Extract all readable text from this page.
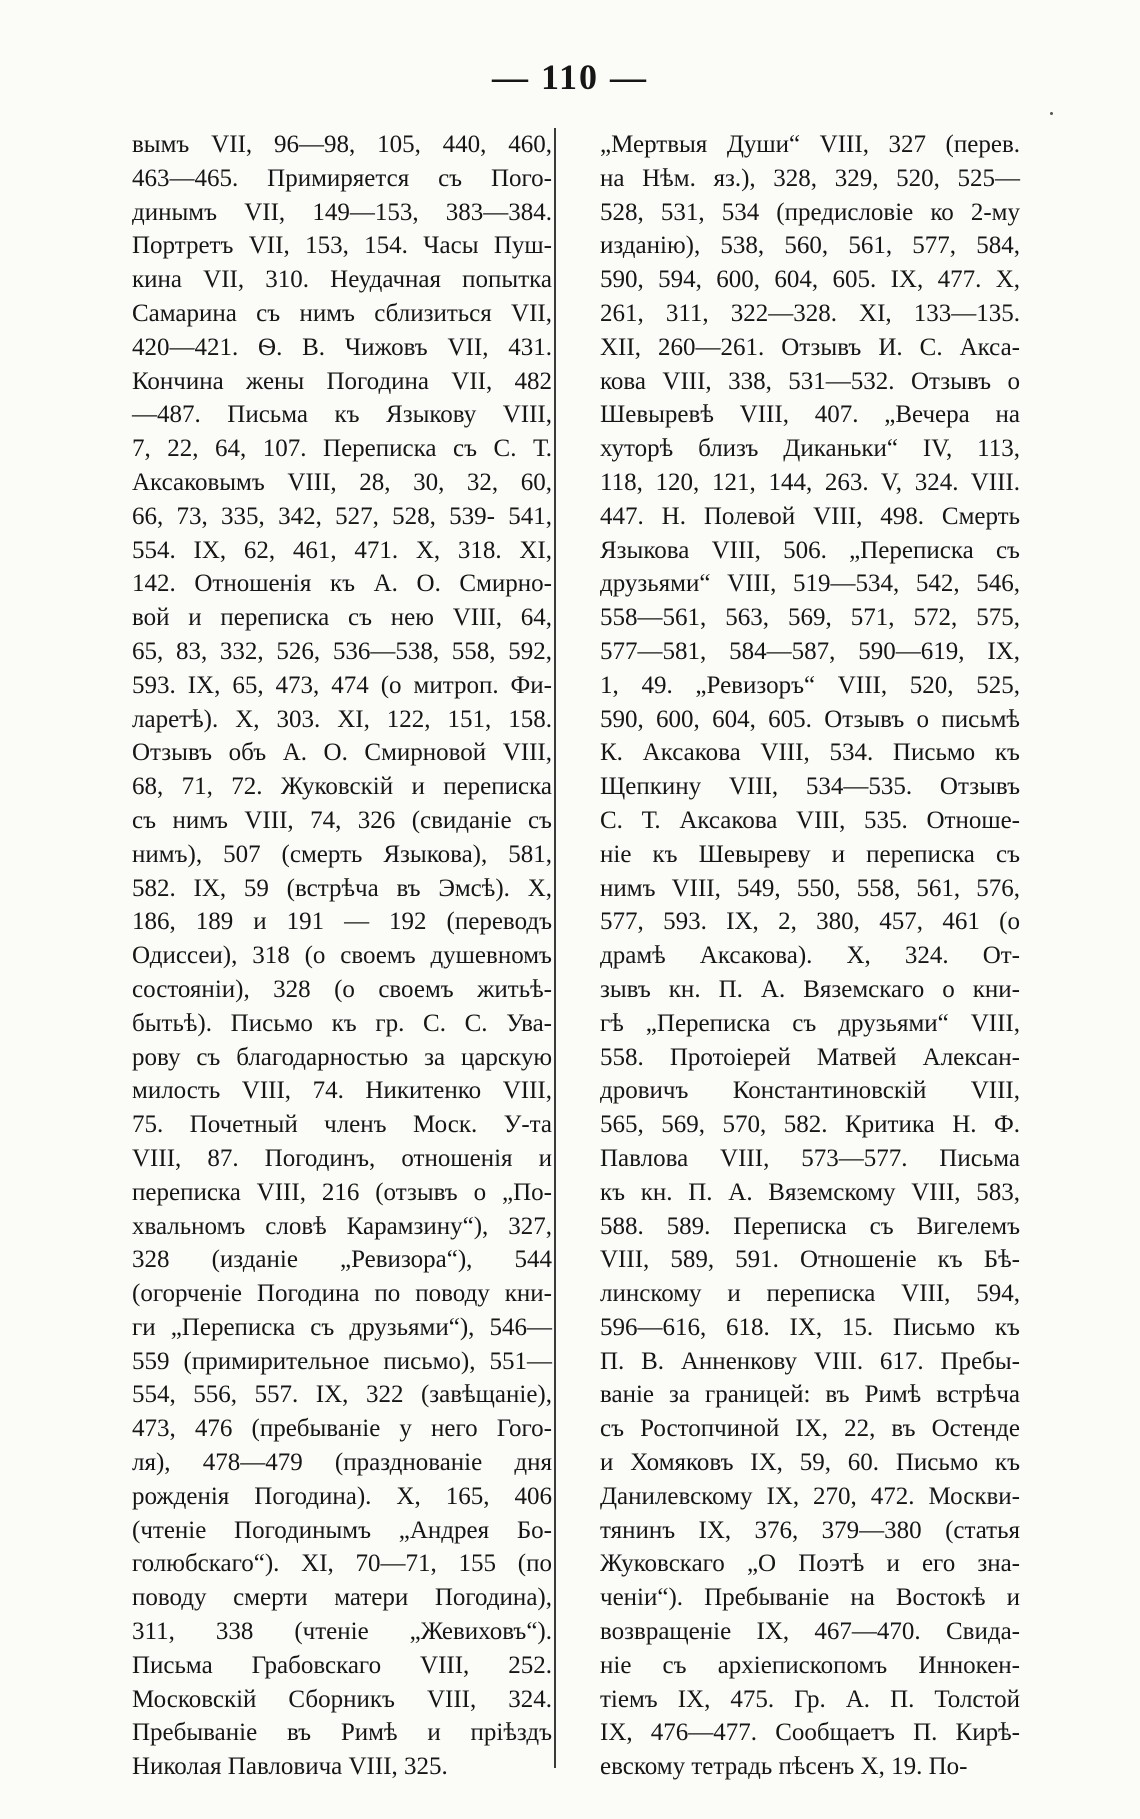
— 110 —
вымъ VII, 96—98, 105, 440, 460,
463—465. Примиряется съ Пого-
динымъ VII, 149—153, 383—384.
Портретъ VII, 153, 154. Часы Пуш-
кина VII, 310. Неудачная попытка
Самарина съ нимъ сблизиться VII,
420—421. Ѳ. В. Чижовъ VII, 431.
Кончина жены Погодина VII, 482
—487. Письма къ Языкову VIII,
7, 22, 64, 107. Переписка съ С. Т.
Аксаковымъ VIII, 28, 30, 32, 60,
66, 73, 335, 342, 527, 528, 539- 541,
554. IX, 62, 461, 471. X, 318. XI,
142. Отношенія къ А. О. Смирно-
вой и переписка съ нею VIII, 64,
65, 83, 332, 526, 536—538, 558, 592,
593. IX, 65, 473, 474 (о митроп. Фи-
ларетѣ). X, 303. XI, 122, 151, 158.
Отзывъ объ А. О. Смирновой VIII,
68, 71, 72. Жуковскій и переписка
съ нимъ VIII, 74, 326 (свиданіе съ
нимъ), 507 (смерть Языкова), 581,
582. IX, 59 (встрѣча въ Эмсѣ). X,
186, 189 и 191 — 192 (переводъ
Одиссеи), 318 (о своемъ душевномъ
состояніи), 328 (о своемъ житьѣ-
бытьѣ). Письмо къ гр. С. С. Ува-
рову съ благодарностью за царскую
милость VIII, 74. Никитенко VIII,
75. Почетный членъ Моск. У-та
VIII, 87. Погодинъ, отношенія и
переписка VIII, 216 (отзывъ о „По-
хвальномъ словѣ Карамзину“), 327,
328 (изданіе „Ревизора“), 544
(огорченіе Погодина по поводу кни-
ги „Переписка съ друзьями“), 546—
559 (примирительное письмо), 551—
554, 556, 557. IX, 322 (завѣщаніе),
473, 476 (пребываніе у него Гого-
ля), 478—479 (празднованіе дня
рожденія Погодина). X, 165, 406
(чтеніе Погодинымъ „Андрея Бо-
голюбскаго“). XI, 70—71, 155 (по
поводу смерти матери Погодина),
311, 338 (чтеніе „Жевиховъ“).
Письма Грабовскаго VIII, 252.
Московскій Сборникъ VIII, 324.
Пребываніе въ Римѣ и пріѣздъ
Николая Павловича VIII, 325.
„Мертвыя Души“ VIII, 327 (перев.
на Нѣм. яз.), 328, 329, 520, 525—
528, 531, 534 (предисловіе ко 2-му
изданію), 538, 560, 561, 577, 584,
590, 594, 600, 604, 605. IX, 477. X,
261, 311, 322—328. XI, 133—135.
XII, 260—261. Отзывъ И. С. Акса-
кова VIII, 338, 531—532. Отзывъ о
Шевыревѣ VIII, 407. „Вечера на
хуторѣ близъ Диканьки“ IV, 113,
118, 120, 121, 144, 263. V, 324. VIII.
447. Н. Полевой VIII, 498. Смерть
Языкова VIII, 506. „Переписка съ
друзьями“ VIII, 519—534, 542, 546,
558—561, 563, 569, 571, 572, 575,
577—581, 584—587, 590—619, IX,
1, 49. „Ревизоръ“ VIII, 520, 525,
590, 600, 604, 605. Отзывъ о письмѣ
К. Аксакова VIII, 534. Письмо къ
Щепкину VIII, 534—535. Отзывъ
С. Т. Аксакова VIII, 535. Отноше-
ніе къ Шевыреву и переписка съ
нимъ VIII, 549, 550, 558, 561, 576,
577, 593. IX, 2, 380, 457, 461 (о
драмѣ Аксакова). X, 324. От-
зывъ кн. П. А. Вяземскаго о кни-
гѣ „Переписка съ друзьями“ VIII,
558. Протоіерей Матвей Алексан-
дровичъ Константиновскій VIII,
565, 569, 570, 582. Критика Н. Ф.
Павлова VIII, 573—577. Письма
къ кн. П. А. Вяземскому VIII, 583,
588. 589. Переписка съ Вигелемъ
VIII, 589, 591. Отношеніе къ Бѣ-
линскому и переписка VIII, 594,
596—616, 618. IX, 15. Письмо къ
П. В. Анненкову VIII. 617. Пребы-
ваніе за границей: въ Римѣ встрѣча
съ Ростопчиной IX, 22, въ Остенде
и Хомяковъ IX, 59, 60. Письмо къ
Данилевскому IX, 270, 472. Москви-
тянинъ IX, 376, 379—380 (статья
Жуковскаго „О Поэтѣ и его зна-
ченіи“). Пребываніе на Востокѣ и
возвращеніе IX, 467—470. Свида-
ніе съ архіепископомъ Иннокен-
тіемъ IX, 475. Гр. А. П. Толстой
IX, 476—477. Сообщаетъ П. Кирѣ-
евскому тетрадь пѣсенъ X, 19. По-
